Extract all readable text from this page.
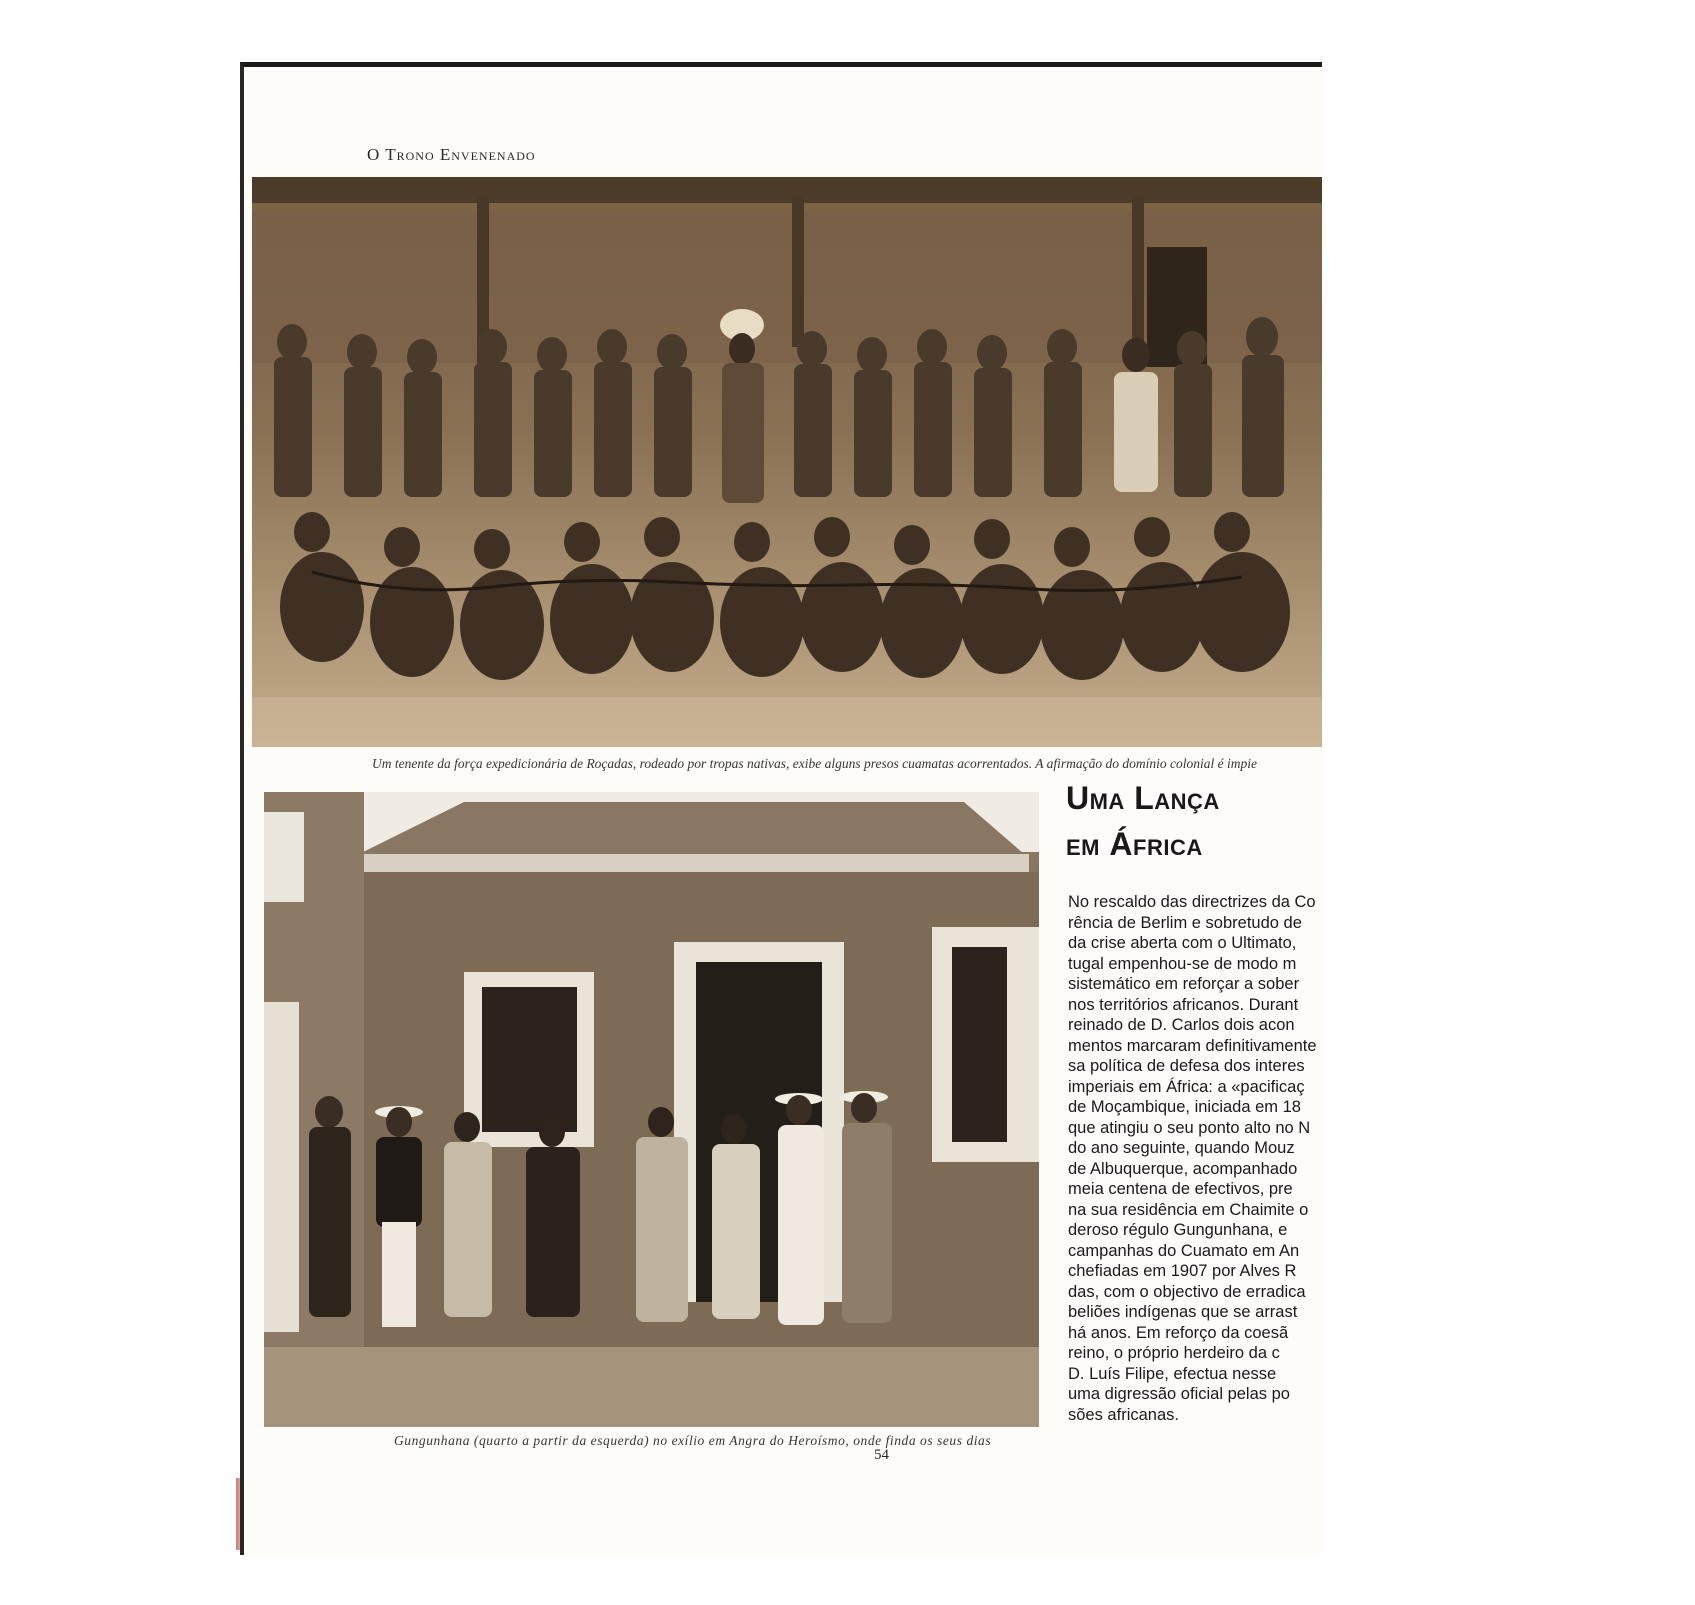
O Trono Envenenado

Um tenente da força expedicionária de Roçadas, rodeado por tropas nativas, exibe alguns presos cuamatas acorrentados. A afirmação do domínio colonial é impie

Gungunhana (quarto a partir da esquerda) no exílio em Angra do Heroísmo, onde finda os seus dias

Uma Lança
em África
No rescaldo das directrizes da Co
rência de Berlim e sobretudo de
da crise aberta com o Ultimato,
tugal empenhou-se de modo m
sistemático em reforçar a sober
nos territórios africanos. Durant
reinado de D. Carlos dois acon
mentos marcaram definitivamente
sa política de defesa dos interes
imperiais em África: a «pacificaç
de Moçambique, iniciada em 18
que atingiu o seu ponto alto no N
do ano seguinte, quando Mouz
de Albuquerque, acompanhado
meia centena de efectivos, pre
na sua residência em Chaimite o
deroso régulo Gungunhana, e
campanhas do Cuamato em An
chefiadas em 1907 por Alves R
das, com o objectivo de erradica
beliões indígenas que se arrast
há anos. Em reforço da coesã
reino, o próprio herdeiro da c
D. Luís Filipe, efectua nesse
uma digressão oficial pelas po
sões africanas.

54
